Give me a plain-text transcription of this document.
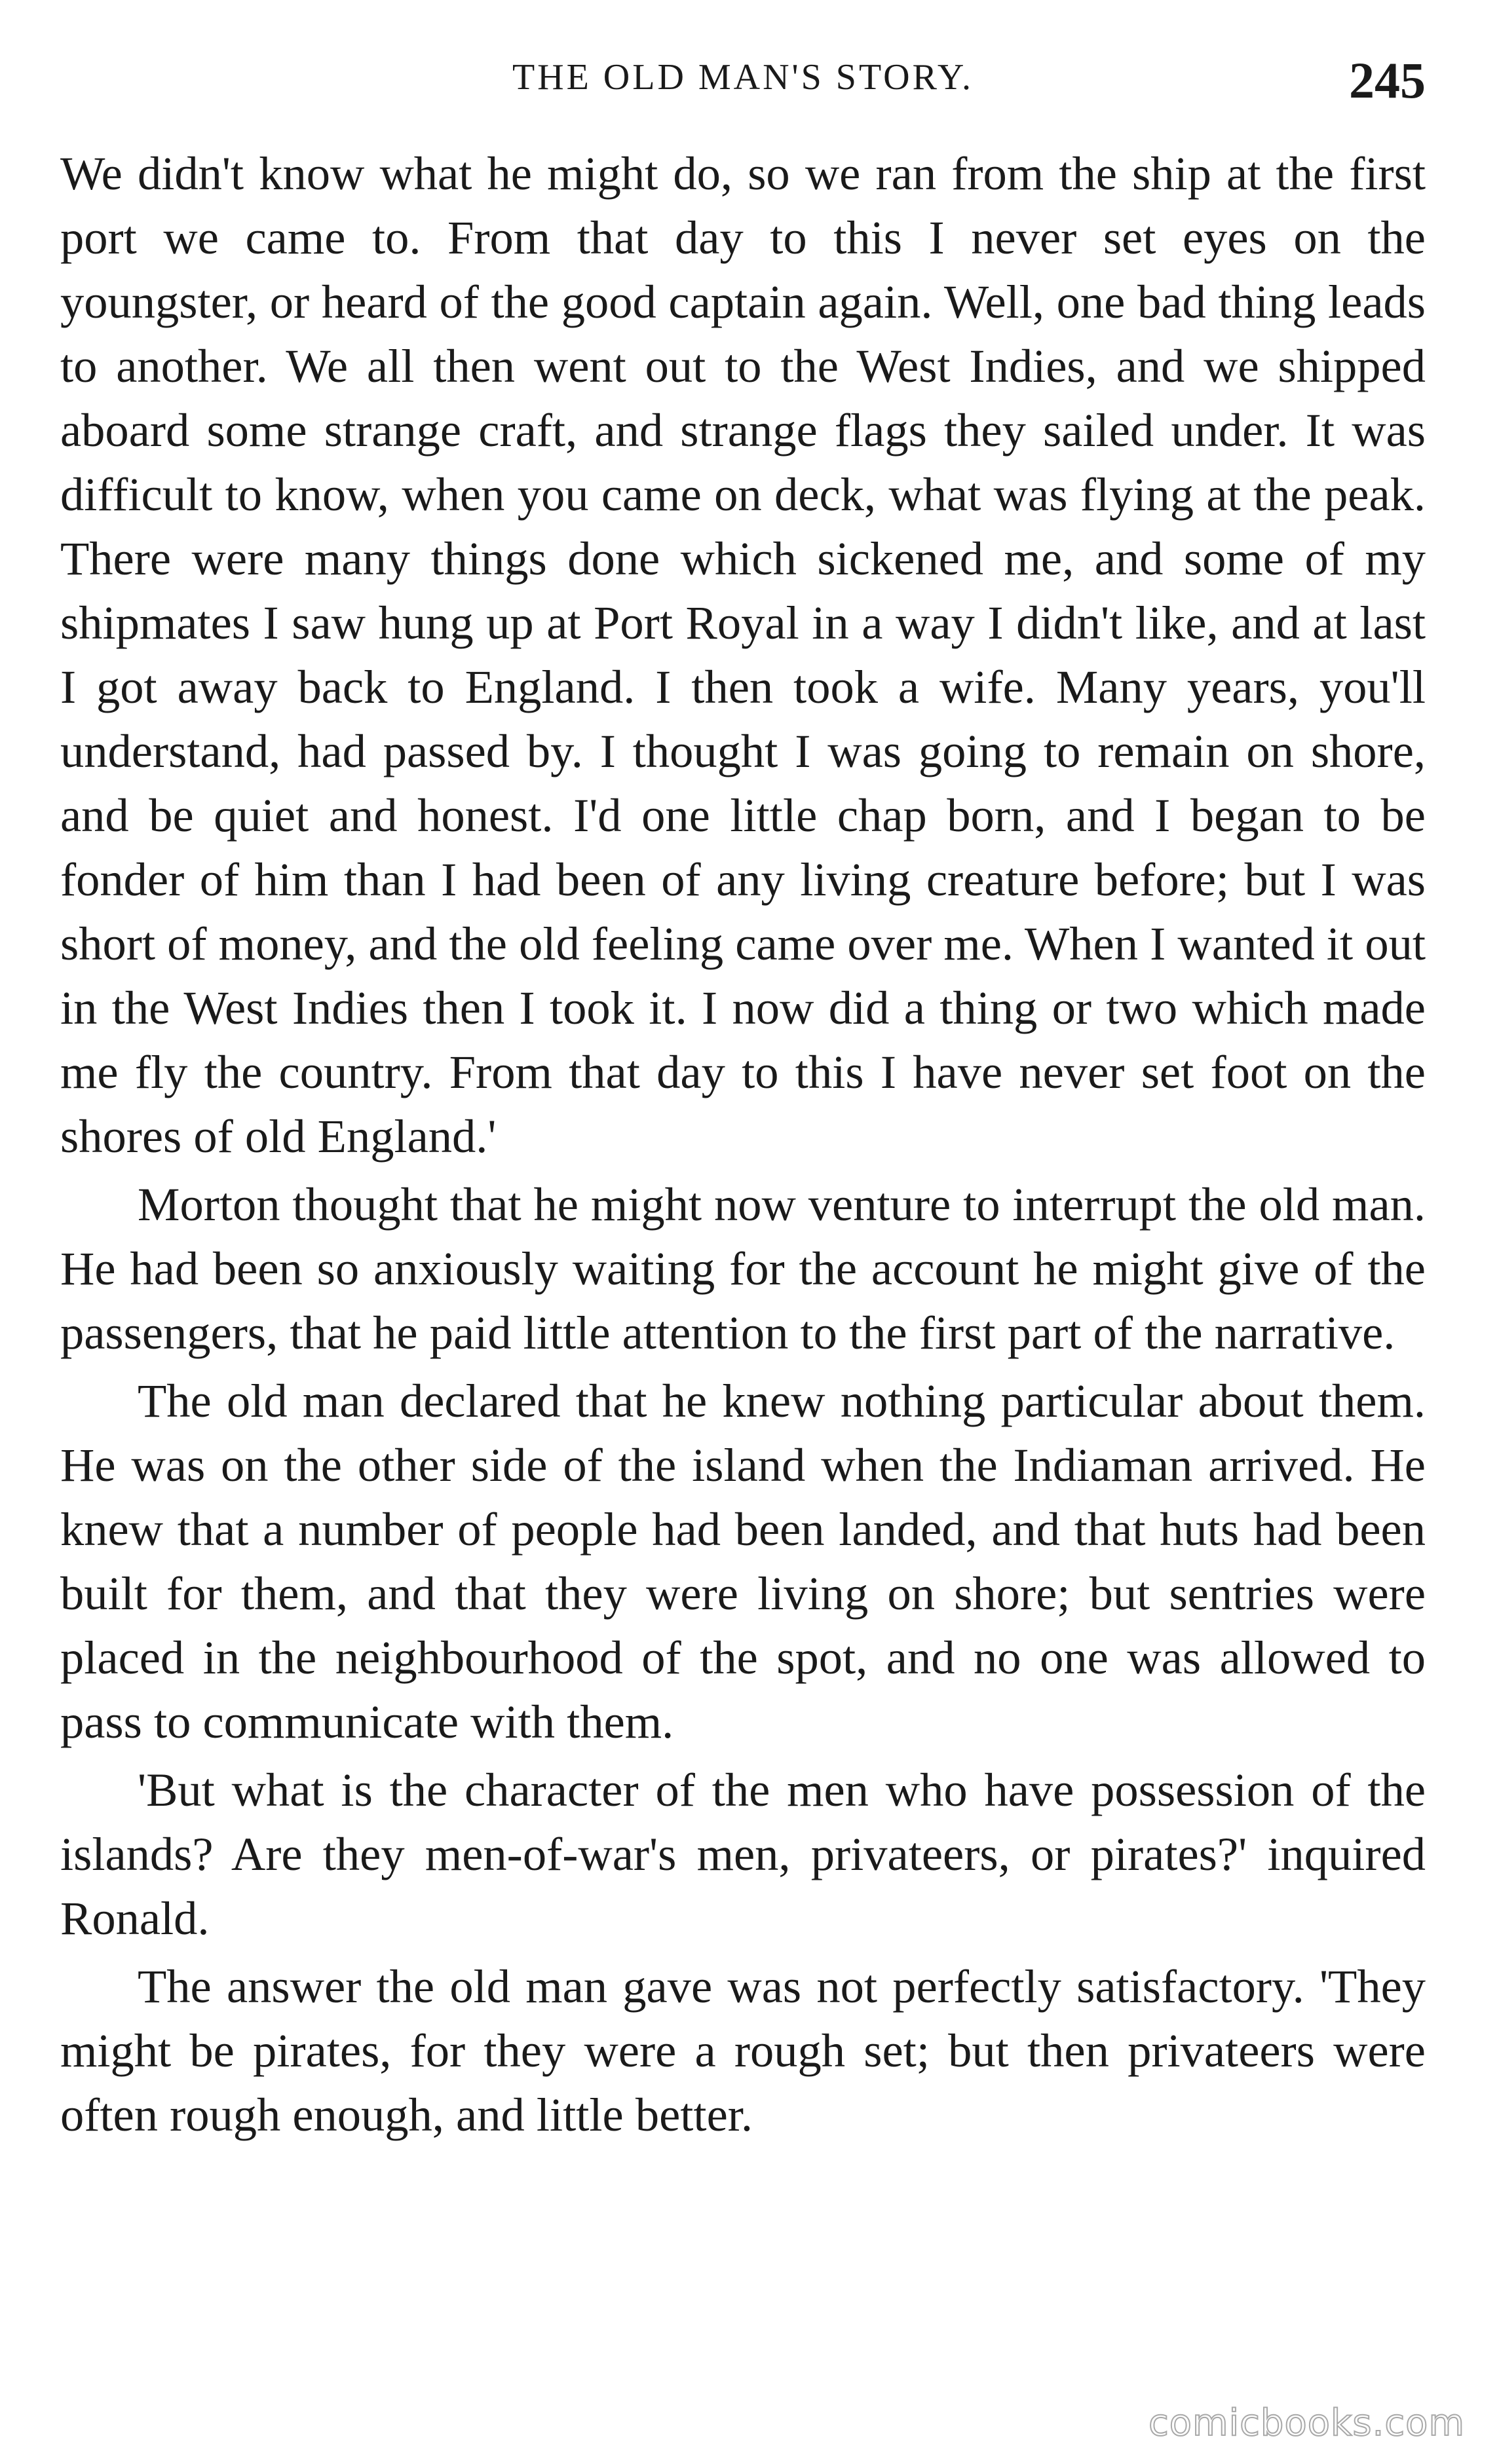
THE OLD MAN'S STORY.	245

We didn't know what he might do, so we ran from the ship at the first port we came to. From that day to this I never set eyes on the youngster, or heard of the good captain again. Well, one bad thing leads to another. We all then went out to the West Indies, and we shipped aboard some strange craft, and strange flags they sailed under. It was difficult to know, when you came on deck, what was flying at the peak. There were many things done which sickened me, and some of my shipmates I saw hung up at Port Royal in a way I didn't like, and at last I got away back to England. I then took a wife. Many years, you'll understand, had passed by. I thought I was going to remain on shore, and be quiet and honest. I'd one little chap born, and I began to be fonder of him than I had been of any living creature before; but I was short of money, and the old feeling came over me. When I wanted it out in the West Indies then I took it. I now did a thing or two which made me fly the country. From that day to this I have never set foot on the shores of old England.'

Morton thought that he might now venture to interrupt the old man. He had been so anxiously waiting for the account he might give of the passengers, that he paid little attention to the first part of the narrative.

The old man declared that he knew nothing particular about them. He was on the other side of the island when the Indiaman arrived. He knew that a number of people had been landed, and that huts had been built for them, and that they were living on shore; but sentries were placed in the neighbourhood of the spot, and no one was allowed to pass to communicate with them.

'But what is the character of the men who have possession of the islands? Are they men-of-war's men, privateers, or pirates?' inquired Ronald.

The answer the old man gave was not perfectly satisfactory. 'They might be pirates, for they were a rough set; but then privateers were often rough enough, and little better.

comicbooks.com
